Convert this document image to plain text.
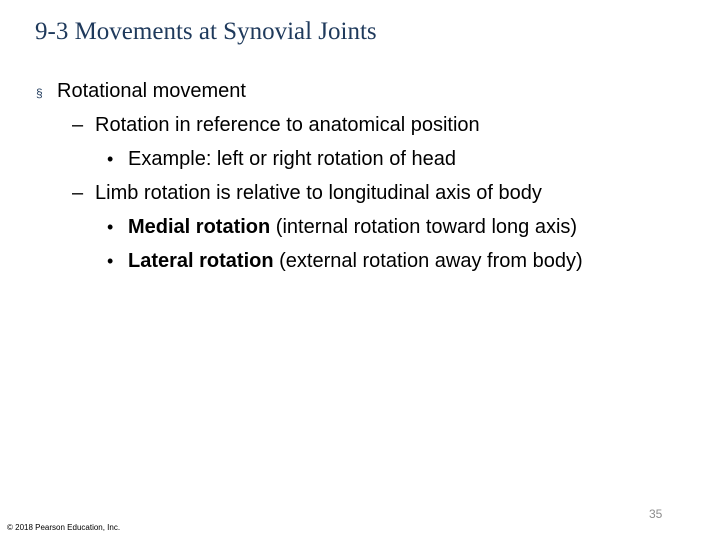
9-3 Movements at Synovial Joints
§ Rotational movement
– Rotation in reference to anatomical position
• Example: left or right rotation of head
– Limb rotation is relative to longitudinal axis of body
• Medial rotation (internal rotation toward long axis)
• Lateral rotation (external rotation away from body)
35
© 2018 Pearson Education, Inc.
